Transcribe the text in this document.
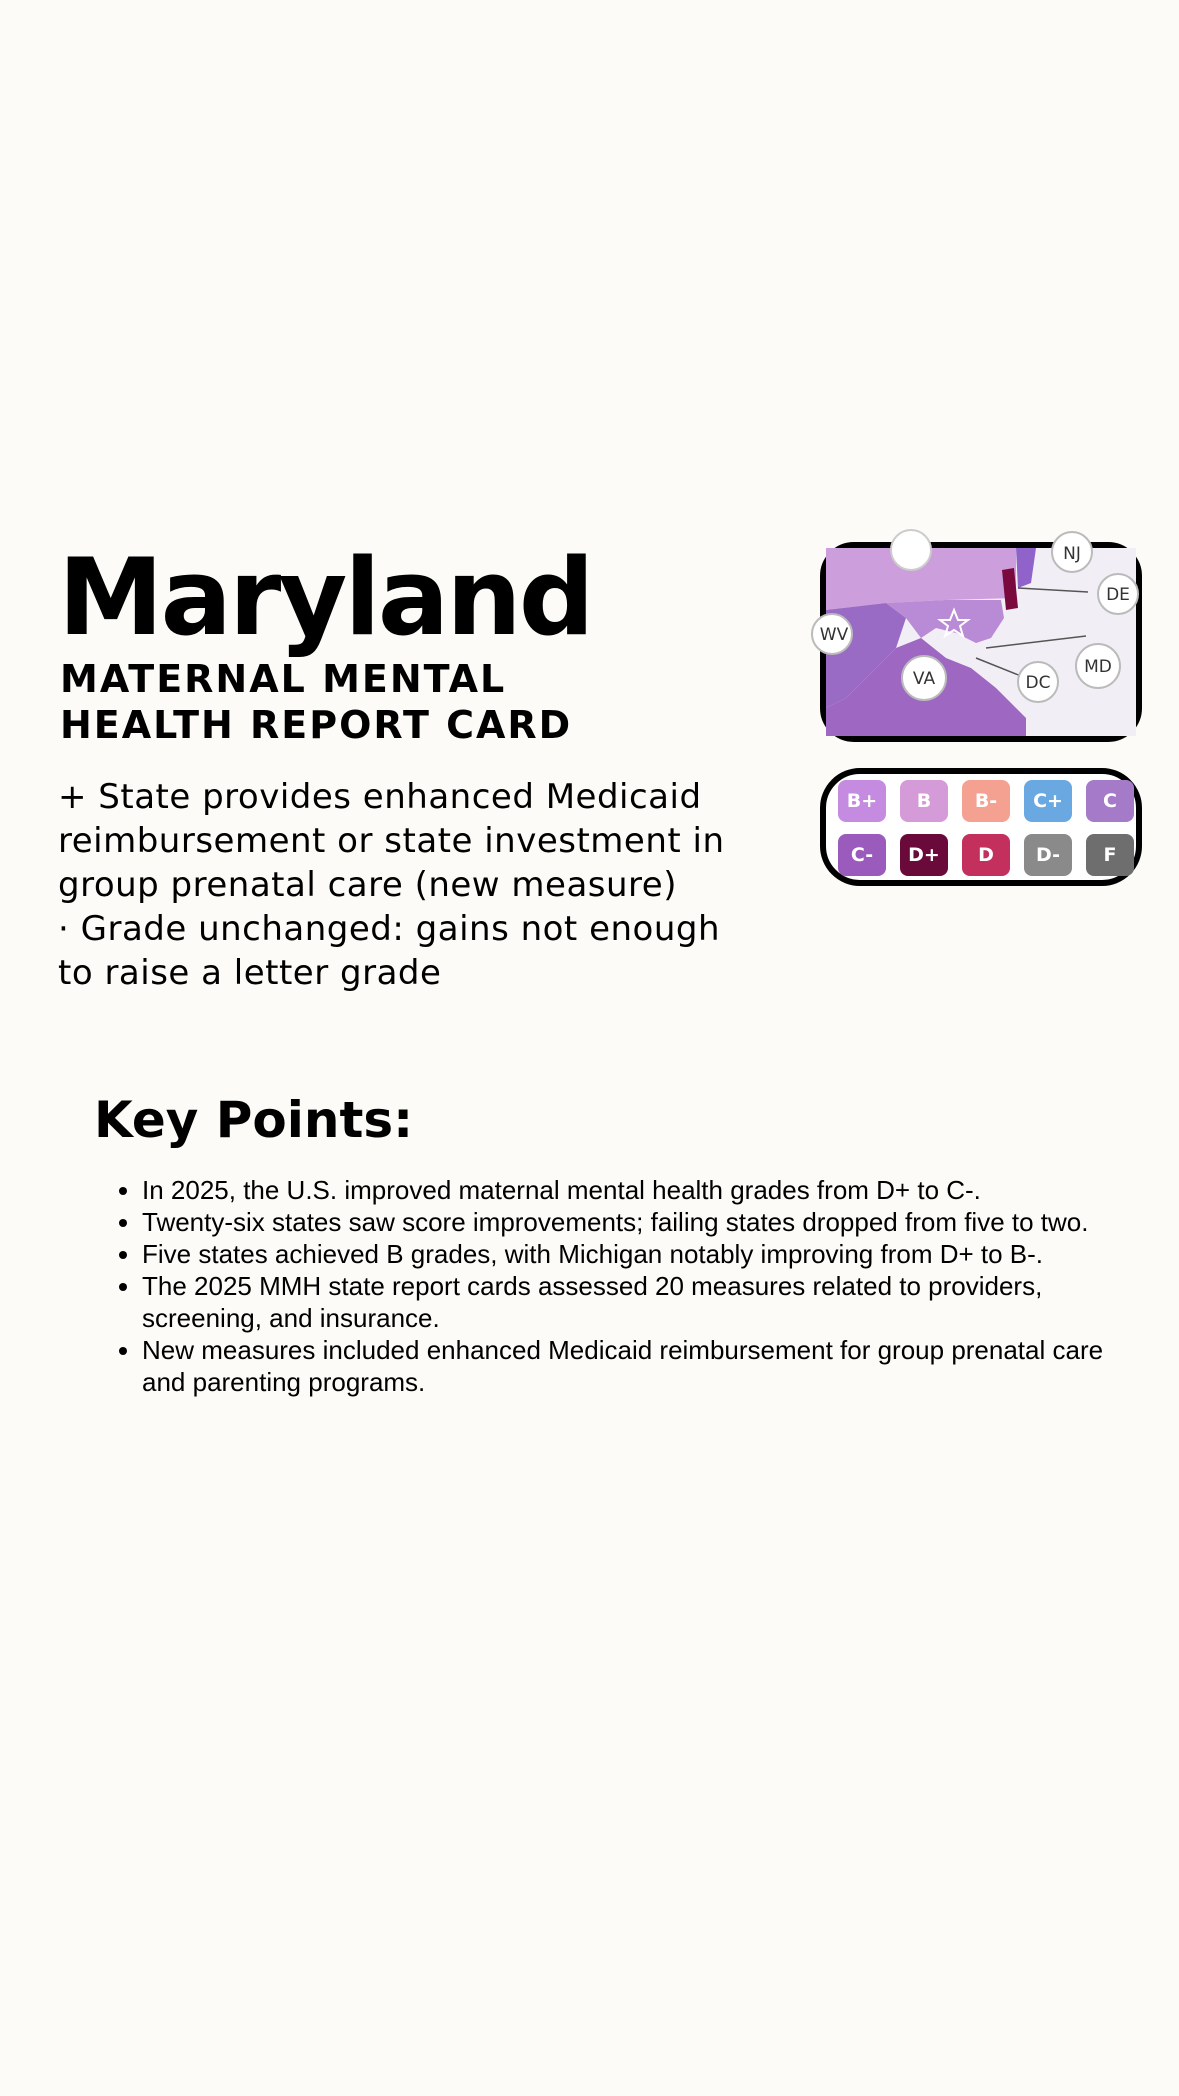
Maryland
MATERNAL MENTAL
HEALTH REPORT CARD
+ State provides enhanced Medicaid
reimbursement or state investment in
group prenatal care (new measure)
· Grade unchanged: gains not enough
to raise a letter grade
NJ
DE
WV
VA	DC
MD
B+	B	B-	C+	C
C-	D+	D	D-	F
Key Points:
• In 2025, the U.S. improved maternal mental health grades from D+ to C-.
• Twenty-six states saw score improvements; failing states dropped from five to two.
• Five states achieved B grades, with Michigan notably improving from D+ to B-.
• The 2025 MMH state report cards assessed 20 measures related to providers, screening, and insurance.
• New measures included enhanced Medicaid reimbursement for group prenatal care and parenting programs.
